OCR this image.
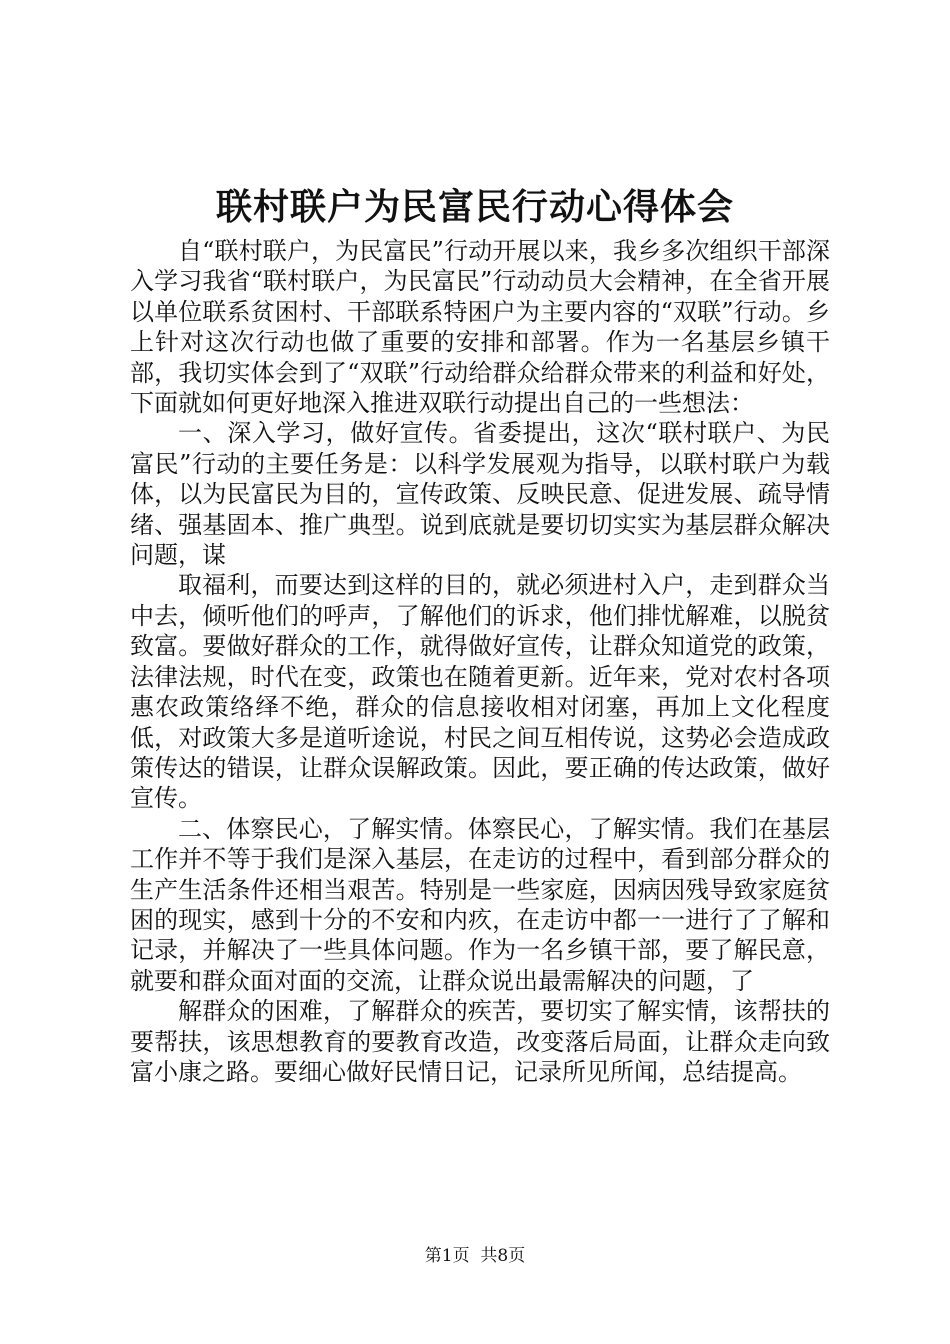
联村联户为民富民行动心得体会

自“联村联户，为民富民”行动开展以来，我乡多次组织干部深入学习我省“联村联户，为民富民”行动动员大会精神，在全省开展以单位联系贫困村、干部联系特困户为主要内容的“双联”行动。乡上针对这次行动也做了重要的安排和部署。作为一名基层乡镇干部，我切实体会到了“双联”行动给群众给群众带来的利益和好处，下面就如何更好地深入推进双联行动提出自己的一些想法：

一、深入学习，做好宣传。省委提出，这次“联村联户、为民富民”行动的主要任务是：以科学发展观为指导，以联村联户为载体，以为民富民为目的，宣传政策、反映民意、促进发展、疏导情绪、强基固本、推广典型。说到底就是要切切实实为基层群众解决问题，谋

取福利，而要达到这样的目的，就必须进村入户，走到群众当中去，倾听他们的呼声，了解他们的诉求，他们排忧解难，以脱贫致富。要做好群众的工作，就得做好宣传，让群众知道党的政策，法律法规，时代在变，政策也在随着更新。近年来，党对农村各项惠农政策络绎不绝，群众的信息接收相对闭塞，再加上文化程度低，对政策大多是道听途说，村民之间互相传说，这势必会造成政策传达的错误，让群众误解政策。因此，要正确的传达政策，做好宣传。

二、体察民心，了解实情。体察民心，了解实情。我们在基层工作并不等于我们是深入基层，在走访的过程中，看到部分群众的生产生活条件还相当艰苦。特别是一些家庭，因病因残导致家庭贫困的现实，感到十分的不安和内疚，在走访中都一一进行了了解和记录，并解决了一些具体问题。作为一名乡镇干部，要了解民意，就要和群众面对面的交流，让群众说出最需解决的问题，了

解群众的困难，了解群众的疾苦，要切实了解实情，该帮扶的要帮扶，该思想教育的要教育改造，改变落后局面，让群众走向致富小康之路。要细心做好民情日记，记录所见所闻，总结提高。

第1页 共8页
